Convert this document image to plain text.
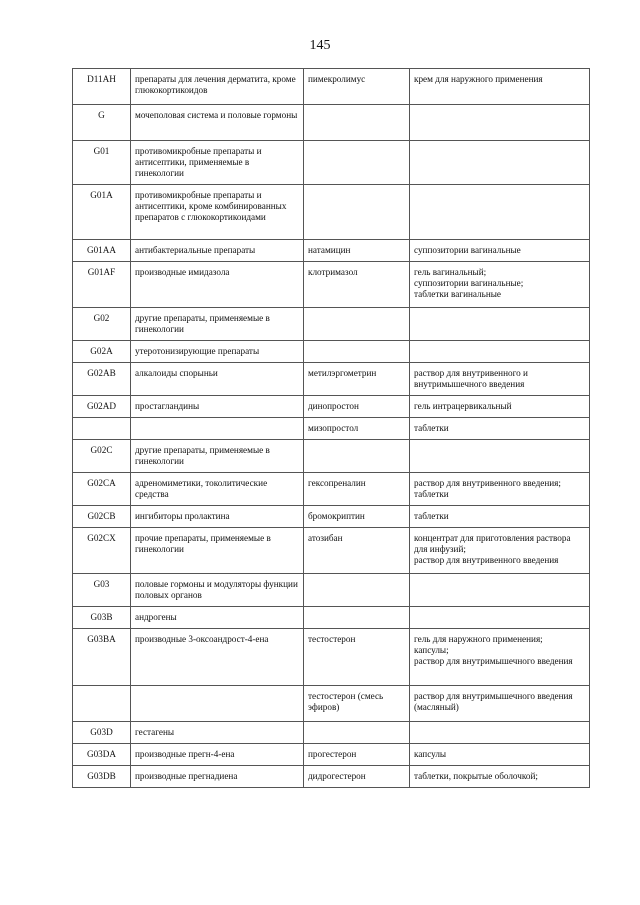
145
D11AH	препараты для лечения дерматита, кроме глюкокортикоидов	пимекролимус	крем для наружного применения

G	мочеполовая система и половые гормоны		
G01	противомикробные препараты и антисептики, применяемые в гинекологии		
G01A	противомикробные препараты и антисептики, кроме комбинированных препаратов с глюкокортикоидами		
G01AA	антибактериальные препараты	натамицин	суппозитории вагинальные

G01AF	производные имидазола	клотримазол	гель вагинальный;
суппозитории вагинальные;
таблетки вагинальные

G02	другие препараты, применяемые в гинекологии		
G02A	утеротонизирующие препараты		
G02AB	алкалоиды спорыньи	метилэргометрин	раствор для внутривенного и внутримышечного введения

G02AD	простагландины	динопростон	гель интрацервикальный

		мизопростол	таблетки

G02C	другие препараты, применяемые в гинекологии		
G02CA	адреномиметики, токолитические средства	гексопреналин	раствор для внутривенного введения;
таблетки

G02CB	ингибиторы пролактина	бромокриптин	таблетки

G02CX	прочие препараты, применяемые в гинекологии	атозибан	концентрат для приготовления раствора для инфузий;
раствор для внутривенного введения

G03	половые гормоны и модуляторы функции половых органов		
G03B	андрогены		
G03BA	производные 3-оксоандрост-4-ена	тестостерон	гель для наружного применения;
капсулы;
раствор для внутримышечного введения

		тестостерон (смесь эфиров)	раствор для внутримышечного введения (масляный)

G03D	гестагены		
G03DA	производные прегн-4-ена	прогестерон	капсулы

G03DB	производные прегнадиена	дидрогестерон	таблетки, покрытые оболочкой;
